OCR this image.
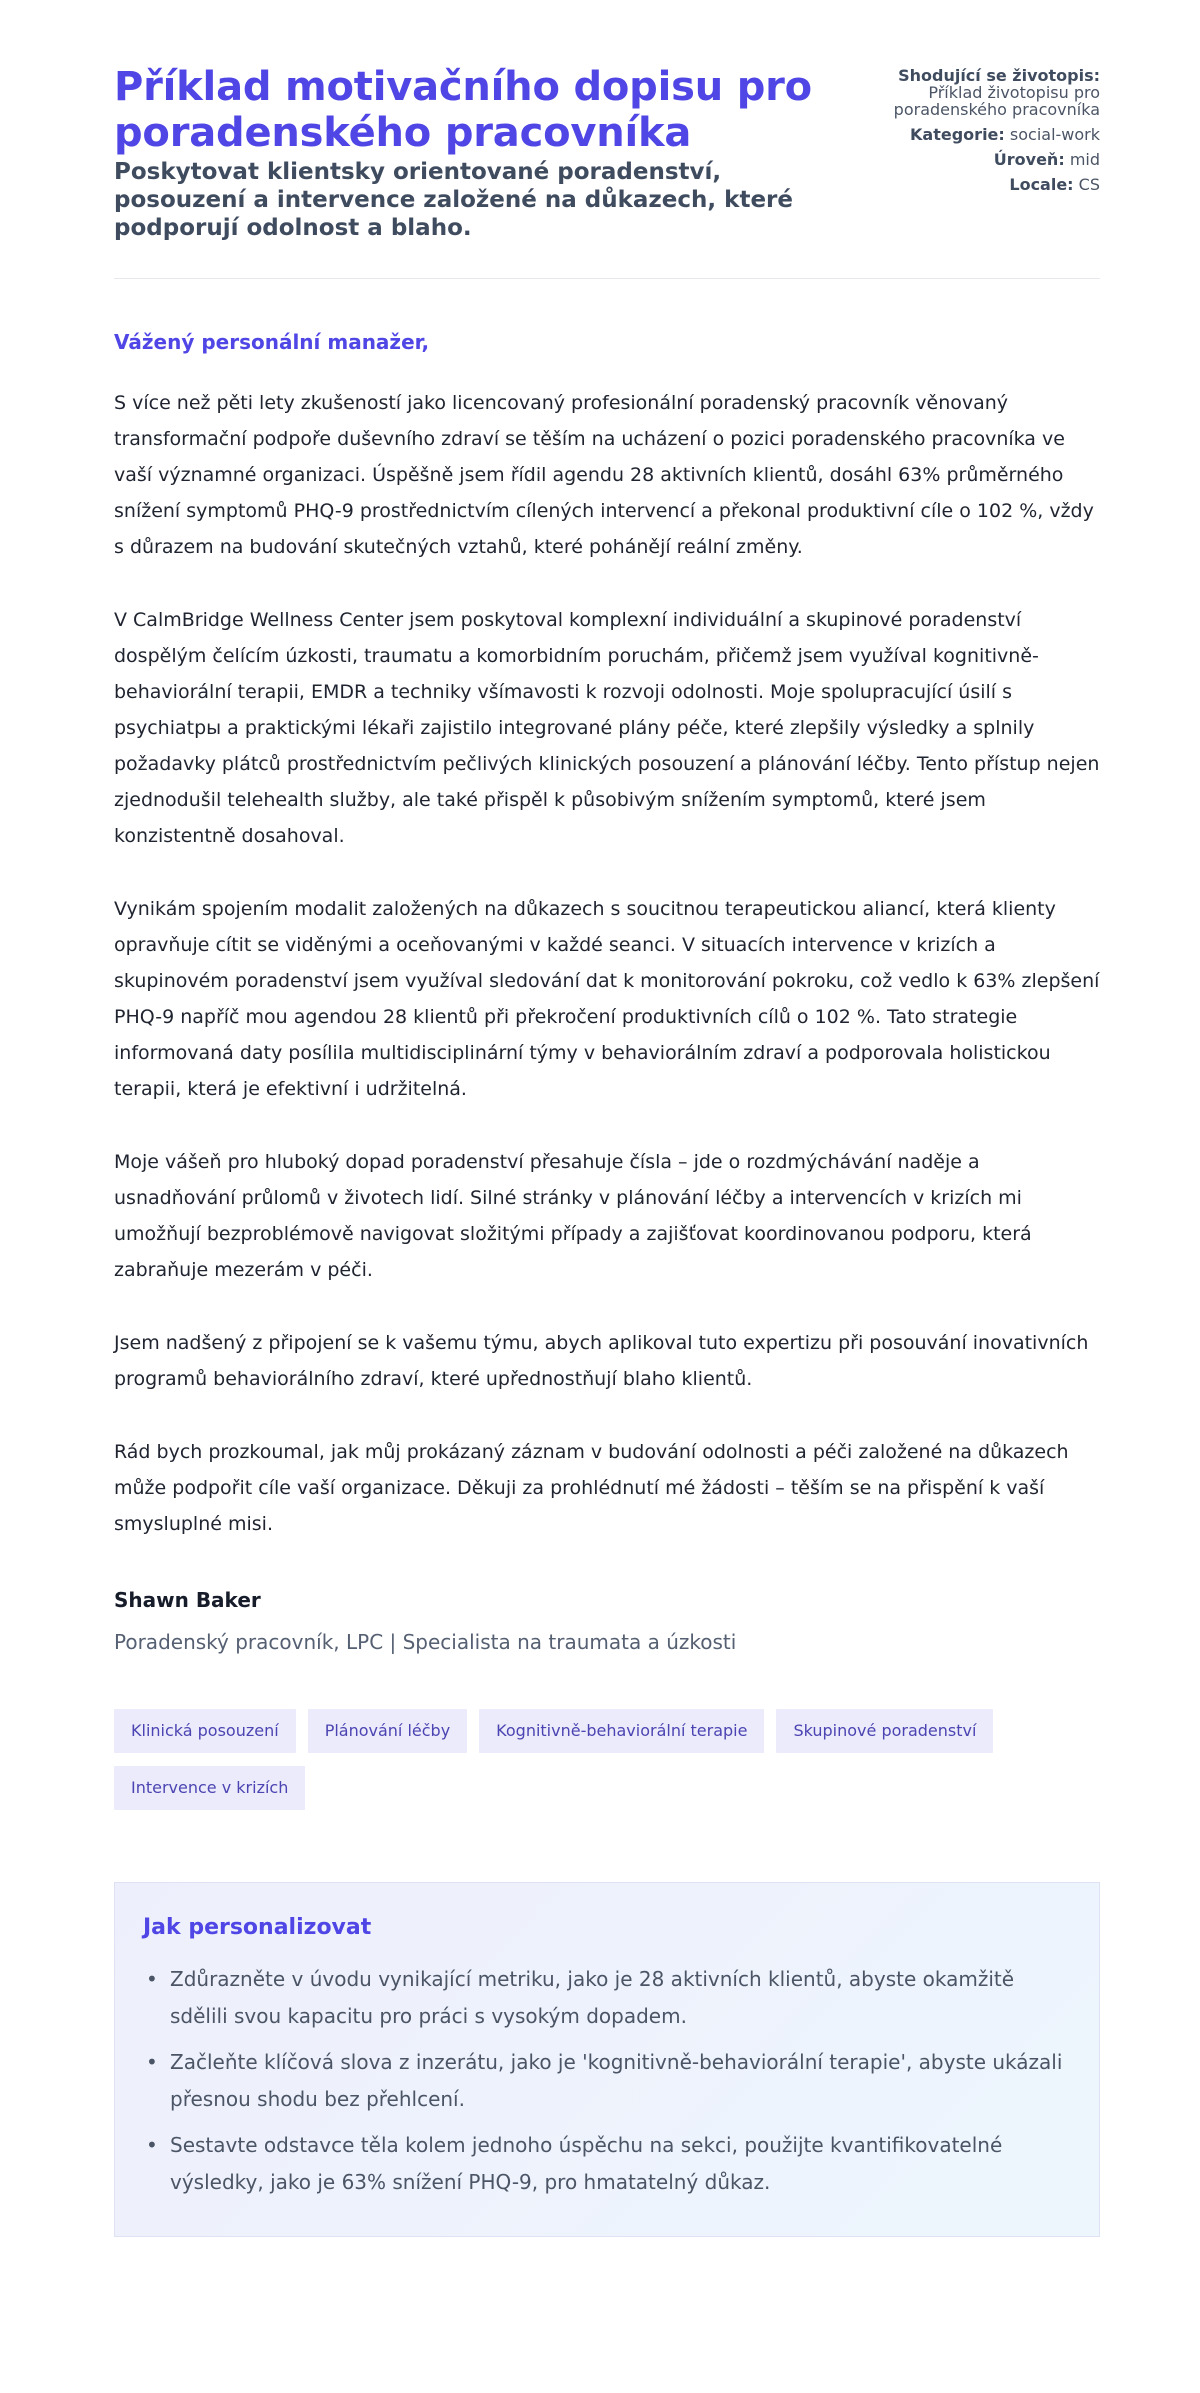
Příklad motivačního dopisu pro poradenského pracovníka
Poskytovat klientsky orientované poradenství, posouzení a intervence založené na důkazech, které podporují odolnost a blaho.
Shodující se životopis:
Příklad životopisu pro poradenského pracovníka
Kategorie: social-work
Úroveň: mid
Locale: CS
Vážený personální manažer,

S více než pěti lety zkušeností jako licencovaný profesionální poradenský pracovník věnovaný transformační podpoře duševního zdraví se těším na ucházení o pozici poradenského pracovníka ve vaší významné organizaci. Úspěšně jsem řídil agendu 28 aktivních klientů, dosáhl 63% průměrného snížení symptomů PHQ-9 prostřednictvím cílených intervencí a překonal produktivní cíle o 102 %, vždy s důrazem na budování skutečných vztahů, které pohánějí reální změny.

V CalmBridge Wellness Center jsem poskytoval komplexní individuální a skupinové poradenství dospělým čelícím úzkosti, traumatu a komorbidním poruchám, přičemž jsem využíval kognitivně-behaviorální terapii, EMDR a techniky všímavosti k rozvoji odolnosti. Moje spolupracující úsilí s psychiatры a praktickými lékaři zajistilo integrované plány péče, které zlepšily výsledky a splnily požadavky plátců prostřednictvím pečlivých klinických posouzení a plánování léčby. Tento přístup nejen zjednodušil telehealth služby, ale také přispěl k působivým snížením symptomů, které jsem konzistentně dosahoval.

Vynikám spojením modalit založených na důkazech s soucitnou terapeutickou aliancí, která klienty opravňuje cítit se viděnými a oceňovanými v každé seanci. V situacích intervence v krizích a skupinovém poradenství jsem využíval sledování dat k monitorování pokroku, což vedlo k 63% zlepšení PHQ-9 napříč mou agendou 28 klientů při překročení produktivních cílů o 102 %. Tato strategie informovaná daty posílila multidisciplinární týmy v behaviorálním zdraví a podporovala holistickou terapii, která je efektivní i udržitelná.

Moje vášeň pro hluboký dopad poradenství přesahuje čísla – jde o rozdmýchávání naděje a usnadňování průlomů v životech lidí. Silné stránky v plánování léčby a intervencích v krizích mi umožňují bezproblémově navigovat složitými případy a zajišťovat koordinovanou podporu, která zabraňuje mezerám v péči.

Jsem nadšený z připojení se k vašemu týmu, abych aplikoval tuto expertizu při posouvání inovativních programů behaviorálního zdraví, které upřednostňují blaho klientů.

Rád bych prozkoumal, jak můj prokázaný záznam v budování odolnosti a péči založené na důkazech může podpořit cíle vaší organizace. Děkuji za prohlédnutí mé žádosti – těším se na přispění k vaší smysluplné misi.

Shawn Baker
Poradenský pracovník, LPC | Specialista na traumata a úzkosti
Klinická posouzení	Plánování léčby	Kognitivně-behaviorální terapie	Skupinové poradenství
Intervence v krizích
Jak personalizovat
• Zdůrazněte v úvodu vynikající metriku, jako je 28 aktivních klientů, abyste okamžitě sdělili svou kapacitu pro práci s vysokým dopadem.
• Začleňte klíčová slova z inzerátu, jako je 'kognitivně-behaviorální terapie', abyste ukázali přesnou shodu bez přehlcení.
• Sestavte odstavce těla kolem jednoho úspěchu na sekci, použijte kvantifikovatelné výsledky, jako je 63% snížení PHQ-9, pro hmatatelný důkaz.
